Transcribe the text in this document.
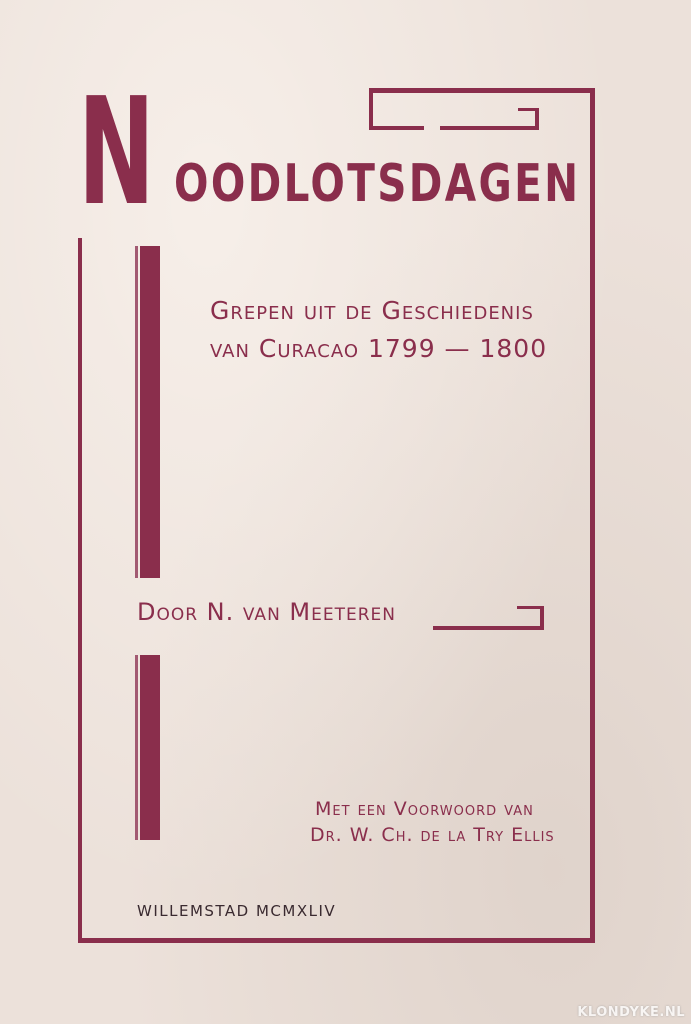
N OODLOTSDAGEN
Grepen uit de Geschiedenis
van Curacao 1799 — 1800
Door N. van Meeteren
Met een Voorwoord van
Dr. W. Ch. de la Try Ellis
WILLEMSTAD MCMXLIV
KLONDYKE.NL
